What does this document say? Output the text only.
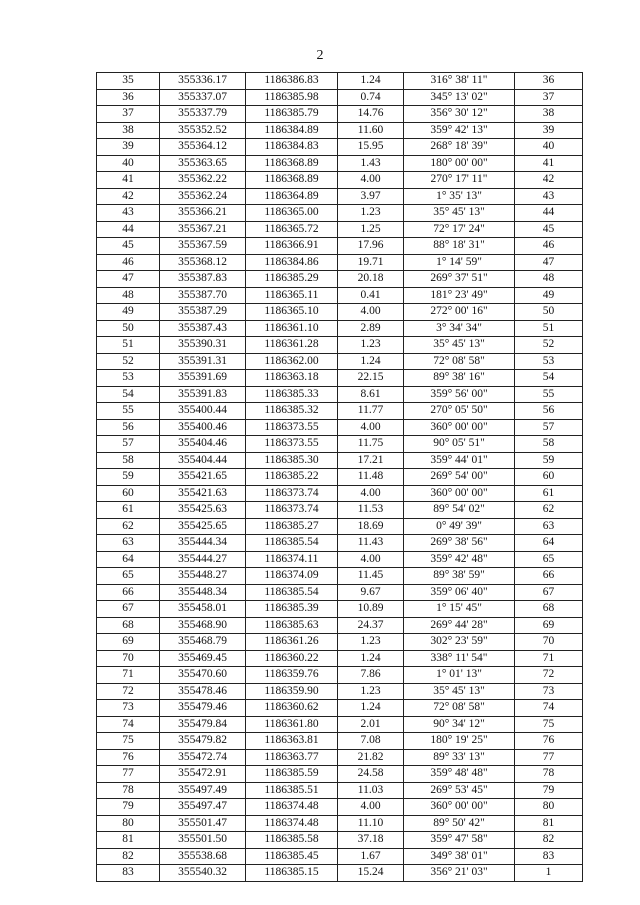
2
35	355336.17	1186386.83	1.24	316° 38' 11"	36
36	355337.07	1186385.98	0.74	345° 13' 02"	37
37	355337.79	1186385.79	14.76	356° 30' 12"	38
38	355352.52	1186384.89	11.60	359° 42' 13"	39
39	355364.12	1186384.83	15.95	268° 18' 39"	40
40	355363.65	1186368.89	1.43	180° 00' 00"	41
41	355362.22	1186368.89	4.00	270° 17' 11"	42
42	355362.24	1186364.89	3.97	1° 35' 13"	43
43	355366.21	1186365.00	1.23	35° 45' 13"	44
44	355367.21	1186365.72	1.25	72° 17' 24"	45
45	355367.59	1186366.91	17.96	88° 18' 31"	46
46	355368.12	1186384.86	19.71	1° 14' 59"	47
47	355387.83	1186385.29	20.18	269° 37' 51"	48
48	355387.70	1186365.11	0.41	181° 23' 49"	49
49	355387.29	1186365.10	4.00	272° 00' 16"	50
50	355387.43	1186361.10	2.89	3° 34' 34"	51
51	355390.31	1186361.28	1.23	35° 45' 13"	52
52	355391.31	1186362.00	1.24	72° 08' 58"	53
53	355391.69	1186363.18	22.15	89° 38' 16"	54
54	355391.83	1186385.33	8.61	359° 56' 00"	55
55	355400.44	1186385.32	11.77	270° 05' 50"	56
56	355400.46	1186373.55	4.00	360° 00' 00"	57
57	355404.46	1186373.55	11.75	90° 05' 51"	58
58	355404.44	1186385.30	17.21	359° 44' 01"	59
59	355421.65	1186385.22	11.48	269° 54' 00"	60
60	355421.63	1186373.74	4.00	360° 00' 00"	61
61	355425.63	1186373.74	11.53	89° 54' 02"	62
62	355425.65	1186385.27	18.69	0° 49' 39"	63
63	355444.34	1186385.54	11.43	269° 38' 56"	64
64	355444.27	1186374.11	4.00	359° 42' 48"	65
65	355448.27	1186374.09	11.45	89° 38' 59"	66
66	355448.34	1186385.54	9.67	359° 06' 40"	67
67	355458.01	1186385.39	10.89	1° 15' 45"	68
68	355468.90	1186385.63	24.37	269° 44' 28"	69
69	355468.79	1186361.26	1.23	302° 23' 59"	70
70	355469.45	1186360.22	1.24	338° 11' 54"	71
71	355470.60	1186359.76	7.86	1° 01' 13"	72
72	355478.46	1186359.90	1.23	35° 45' 13"	73
73	355479.46	1186360.62	1.24	72° 08' 58"	74
74	355479.84	1186361.80	2.01	90° 34' 12"	75
75	355479.82	1186363.81	7.08	180° 19' 25"	76
76	355472.74	1186363.77	21.82	89° 33' 13"	77
77	355472.91	1186385.59	24.58	359° 48' 48"	78
78	355497.49	1186385.51	11.03	269° 53' 45"	79
79	355497.47	1186374.48	4.00	360° 00' 00"	80
80	355501.47	1186374.48	11.10	89° 50' 42"	81
81	355501.50	1186385.58	37.18	359° 47' 58"	82
82	355538.68	1186385.45	1.67	349° 38' 01"	83
83	355540.32	1186385.15	15.24	356° 21' 03"	1
